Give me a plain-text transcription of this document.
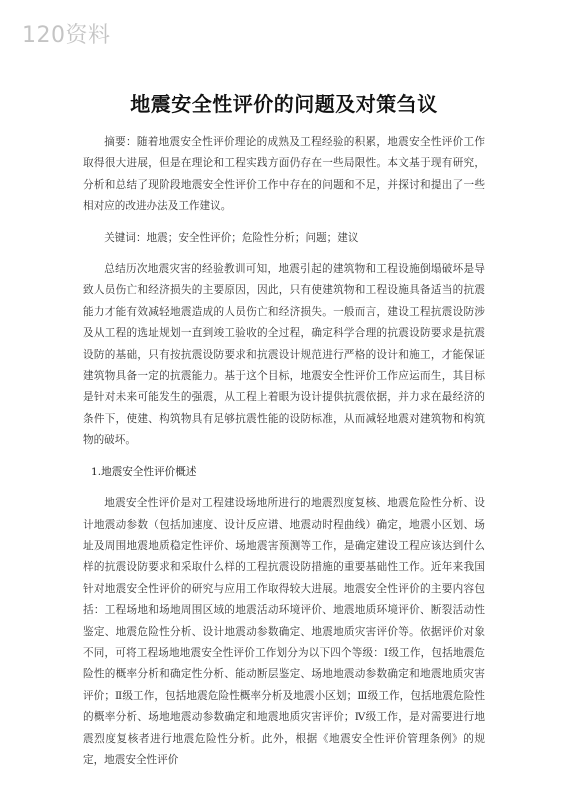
120资料
地震安全性评价的问题及对策刍议

摘要：随着地震安全性评价理论的成熟及工程经验的积累，地震安全性评价工作取得很大进展，但是在理论和工程实践方面仍存在一些局限性。本文基于现有研究，分析和总结了现阶段地震安全性评价工作中存在的问题和不足，并探讨和提出了一些相对应的改进办法及工作建议。

关键词：地震；安全性评价；危险性分析；问题；建议

总结历次地震灾害的经验教训可知，地震引起的建筑物和工程设施倒塌破坏是导致人员伤亡和经济损失的主要原因，因此，只有使建筑物和工程设施具备适当的抗震能力才能有效减轻地震造成的人员伤亡和经济损失。一般而言，建设工程抗震设防涉及从工程的选址规划一直到竣工验收的全过程，确定科学合理的抗震设防要求是抗震设防的基础，只有按抗震设防要求和抗震设计规范进行严格的设计和施工，才能保证建筑物具备一定的抗震能力。基于这个目标，地震安全性评价工作应运而生，其目标是针对未来可能发生的强震，从工程上着眼为设计提供抗震依据，并力求在最经济的条件下，使建、构筑物具有足够抗震性能的设防标准，从而减轻地震对建筑物和构筑物的破坏。

1.地震安全性评价概述

地震安全性评价是对工程建设场地所进行的地震烈度复核、地震危险性分析、设计地震动参数（包括加速度、设计反应谱、地震动时程曲线）确定，地震小区划、场址及周围地震地质稳定性评价、场地震害预测等工作，是确定建设工程应该达到什么样的抗震设防要求和采取什么样的工程抗震设防措施的重要基础性工作。近年来我国针对地震安全性评价的研究与应用工作取得较大进展。地震安全性评价的主要内容包括：工程场地和场地周围区域的地震活动环境评价、地震地质环境评价、断裂活动性鉴定、地震危险性分析、设计地震动参数确定、地震地质灾害评价等。依据评价对象不同，可将工程场地地震安全性评价工作划分为以下四个等级：Ⅰ级工作，包括地震危险性的概率分析和确定性分析、能动断层鉴定、场地地震动参数确定和地震地质灾害评价；Ⅱ级工作，包括地震危险性概率分析及地震小区划；Ⅲ级工作，包括地震危险性的概率分析、场地地震动参数确定和地震地质灾害评价；Ⅳ级工作，是对需要进行地震烈度复核者进行地震危险性分析。此外，根据《地震安全性评价管理条例》的规定，地震安全性评价
